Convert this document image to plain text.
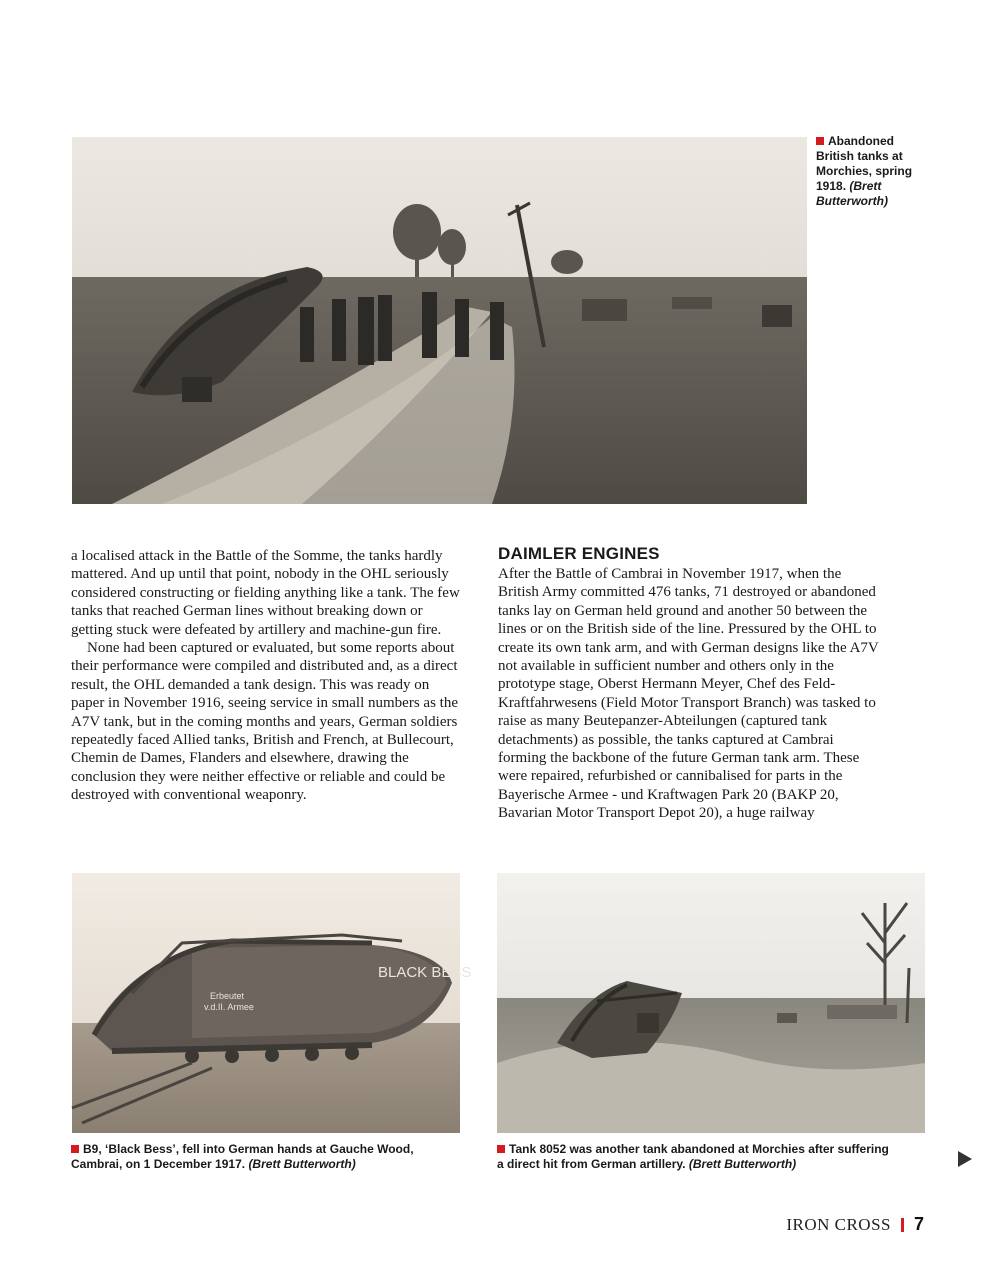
Abandoned British tanks at Morchies, spring 1918. (Brett Butterworth)

a localised attack in the Battle of the Somme, the tanks hardly mattered. And up until that point, nobody in the OHL seriously considered constructing or fielding anything like a tank. The few tanks that reached German lines without breaking down or getting stuck were defeated by artillery and machine-gun fire.

None had been captured or evaluated, but some reports about their performance were compiled and distributed and, as a direct result, the OHL demanded a tank design. This was ready on paper in November 1916, seeing service in small numbers as the A7V tank, but in the coming months and years, German soldiers repeatedly faced Allied tanks, British and French, at Bullecourt, Chemin de Dames, Flanders and elsewhere, drawing the conclusion they were neither effective or reliable and could be destroyed with conventional weaponry.

DAIMLER ENGINES

After the Battle of Cambrai in November 1917, when the British Army committed 476 tanks, 71 destroyed or abandoned tanks lay on German held ground and another 50 between the lines or on the British side of the line. Pressured by the OHL to create its own tank arm, and with German designs like the A7V not available in sufficient number and others only in the prototype stage, Oberst Hermann Meyer, Chef des Feld-Kraftfahrwesens (Field Motor Transport Branch) was tasked to raise as many Beutepanzer-Abteilungen (captured tank detachments) as possible, the tanks captured at Cambrai forming the backbone of the future German tank arm. These were repaired, refurbished or cannibalised for parts in the Bayerische Armee - und Kraftwagen Park 20 (BAKP 20, Bavarian Motor Transport Depot 20), a huge railway

BLACK BESS
Erbeutet
v.d.II. Armee
B9, ‘Black Bess’, fell into German hands at Gauche Wood, Cambrai, on 1 December 1917. (Brett Butterworth)
Tank 8052 was another tank abandoned at Morchies after suffering a direct hit from German artillery. (Brett Butterworth)
IRON CROSS 7
